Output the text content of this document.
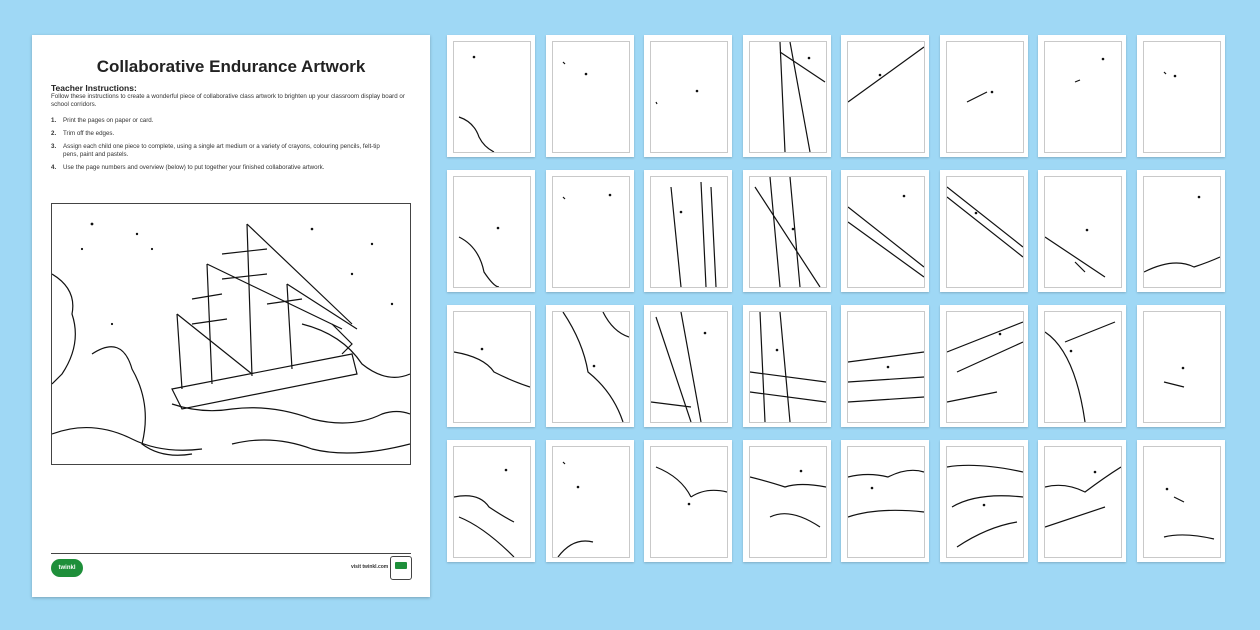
Collaborative Endurance Artwork
Teacher Instructions:
Follow these instructions to create a wonderful piece of collaborative class artwork to brighten up your classroom display board or school corridors.
1.	Print the pages on paper or card.
2.	Trim off the edges.
3.	Assign each child one piece to complete, using a single art medium or a variety of crayons, colouring pencils, felt-tip pens, paint and pastels.
4.	Use the page numbers and overview (below) to put together your finished collaborative artwork.
twinkl	visit twinkl.com
